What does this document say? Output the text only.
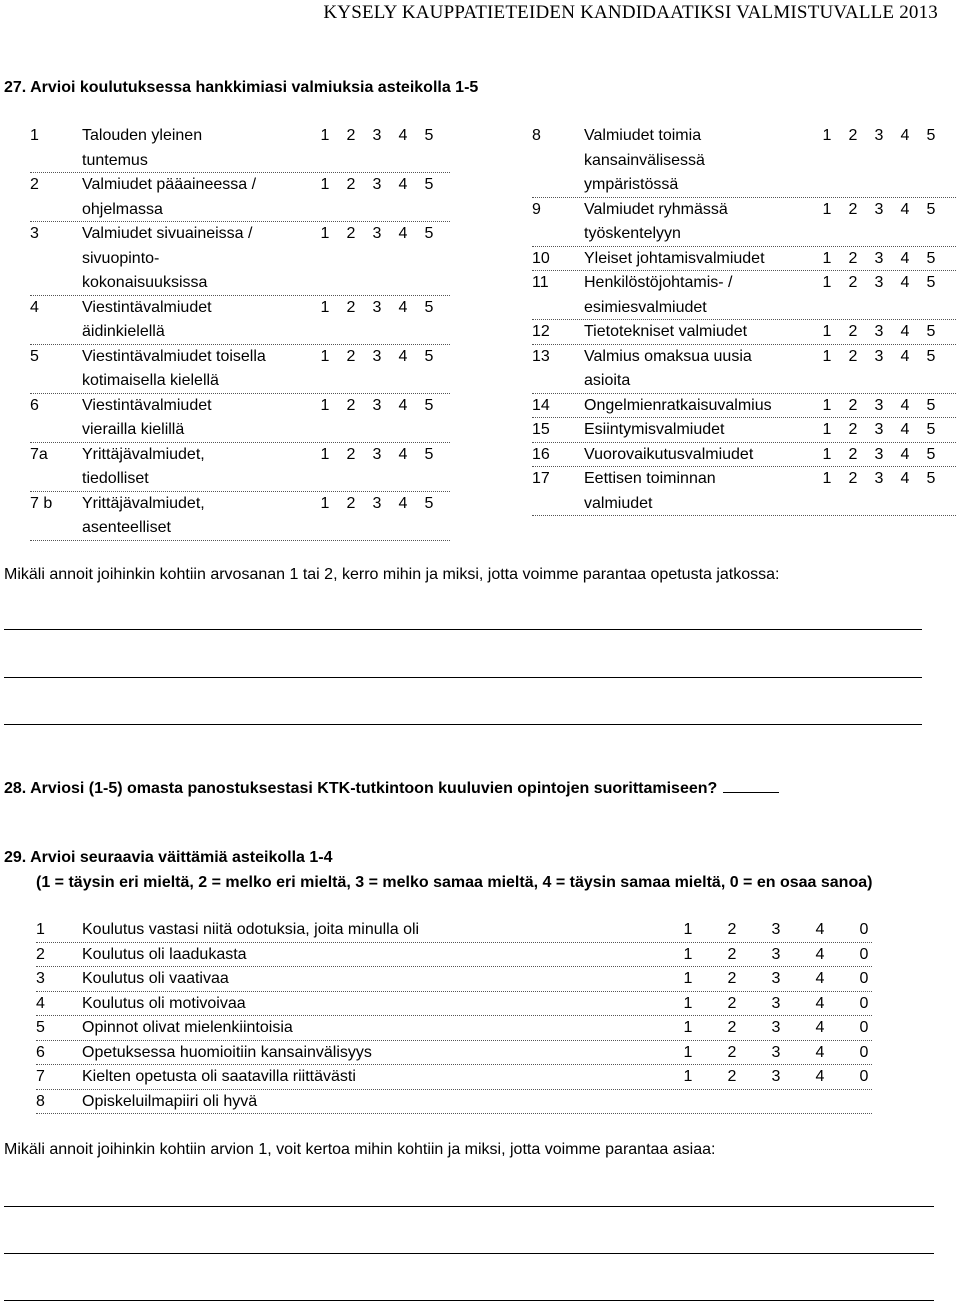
KYSELY KAUPPATIETEIDEN KANDIDAATIKSI VALMISTUVALLE 2013
27. Arvioi koulutuksessa hankkimiasi valmiuksia asteikolla 1-5
1	Talouden yleinen
tuntemus
1 2 3 4 5
2	Valmiudet pääaineessa /
ohjelmassa
1 2 3 4 5
3	Valmiudet sivuaineissa /
sivuopinto-
kokonaisuuksissa
1 2 3 4 5
4	Viestintävalmiudet
äidinkielellä
1 2 3 4 5
5	Viestintävalmiudet toisella
kotimaisella kielellä
1 2 3 4 5
6	Viestintävalmiudet
vierailla kielillä
1 2 3 4 5
7a Yrittäjävalmiudet,
tiedolliset
1 2 3 4 5
7 b Yrittäjävalmiudet,
asenteelliset
1 2 3 4 5
8	Valmiudet toimia
kansainvälisessä
ympäristössä
1 2 3 4 5
9	Valmiudet ryhmässä
työskentelyyn
1 2 3 4 5
10 Yleiset johtamisvalmiudet	1 2 3 4 5
11 Henkilöstöjohtamis- /
esimiesvalmiudet
1 2 3 4 5
12 Tietotekniset valmiudet	1 2 3 4 5
13 Valmius omaksua uusia
asioita
1 2 3 4 5
14 Ongelmienratkaisuvalmius	1 2 3 4 5
15 Esiintymisvalmiudet	1 2 3 4 5
16 Vuorovaikutusvalmiudet	1 2 3 4 5
17 Eettisen toiminnan
valmiudet
1 2 3 4 5
Mikäli annoit joihinkin kohtiin arvosanan 1 tai 2, kerro mihin ja miksi, jotta voimme parantaa opetusta jatkossa:
28. Arviosi (1-5) omasta panostuksestasi KTK-tutkintoon kuuluvien opintojen suorittamiseen?
29. Arvioi seuraavia väittämiä asteikolla 1-4
(1 = täysin eri mieltä, 2 = melko eri mieltä, 3 = melko samaa mieltä, 4 = täysin samaa mieltä, 0 = en osaa sanoa)
1 Koulutus vastasi niitä odotuksia, joita minulla oli	1 2 3 4 0
2 Koulutus oli laadukasta	1 2 3 4 0
3 Koulutus oli vaativaa	1 2 3 4 0
4 Koulutus oli motivoivaa	1 2 3 4 0
5 Opinnot olivat mielenkiintoisia	1 2 3 4 0
6 Opetuksessa huomioitiin kansainvälisyys	1 2 3 4 0
7 Kielten opetusta oli saatavilla riittävästi	1 2 3 4 0
8 Opiskeluilmapiiri oli hyvä
Mikäli annoit joihinkin kohtiin arvion 1, voit kertoa mihin kohtiin ja miksi, jotta voimme parantaa asiaa:
